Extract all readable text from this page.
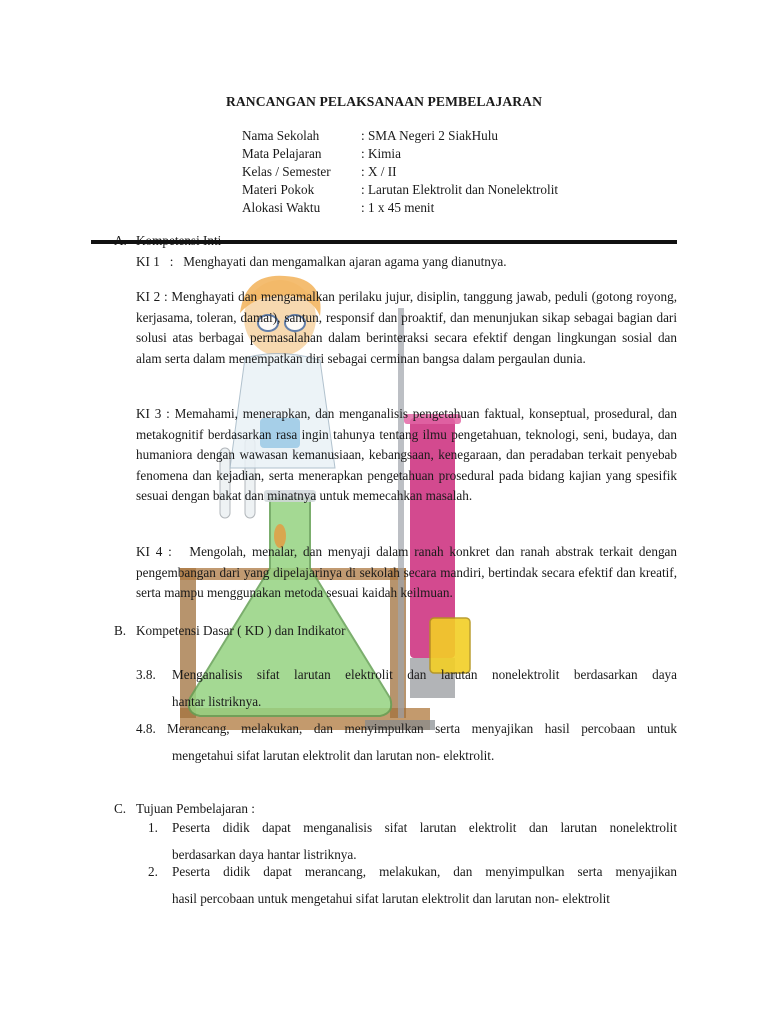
RANCANGAN PELAKSANAAN PEMBELAJARAN
Nama Sekolah	: SMA Negeri 2 SiakHulu
Mata Pelajaran	: Kimia
Kelas / Semester : X / II
Materi Pokok	: Larutan Elektrolit dan Nonelektrolit
Alokasi Waktu	: 1 x 45 menit
KI 1   :   Menghayati dan mengamalkan ajaran agama yang dianutnya.
KI 2 : Menghayati dan mengamalkan perilaku jujur, disiplin, tanggung jawab, peduli (gotong royong, kerjasama, toleran, damai), santun, responsif dan proaktif, dan menunjukan sikap sebagai bagian dari solusi atas berbagai permasalahan dalam berinteraksi secara efektif dengan lingkungan sosial dan alam serta dalam menempatkan diri sebagai cerminan bangsa dalam pergaulan dunia.
KI 3 : Memahami, menerapkan, dan menganalisis pengetahuan faktual, konseptual, prosedural, dan metakognitif berdasarkan rasa ingin tahunya tentang ilmu pengetahuan, teknologi, seni, budaya, dan humaniora dengan wawasan kemanusiaan, kebangsaan, kenegaraan, dan peradaban terkait penyebab fenomena dan kejadian, serta menerapkan pengetahuan prosedural pada bidang kajian yang spesifik sesuai dengan bakat dan minatnya untuk memecahkan masalah.
KI 4 :   Mengolah, menalar, dan menyaji dalam ranah konkret dan ranah abstrak terkait dengan pengembangan dari yang dipelajarinya di sekolah secara mandiri, bertindak secara efektif dan kreatif, serta mampu menggunakan metoda sesuai kaidah keilmuan.
B. Kompetensi Dasar ( KD ) dan Indikator
3.8. Menganalisis sifat larutan elektrolit dan larutan nonelektrolit berdasarkan daya
hantar listriknya.
4.8. Merancang, melakukan, dan menyimpulkan serta menyajikan hasil percobaan untuk
mengetahui sifat larutan elektrolit dan larutan non- elektrolit.
C. Tujuan Pembelajaran :
1. Peserta didik dapat menganalisis sifat larutan elektrolit dan larutan nonelektrolit
berdasarkan daya hantar listriknya.
2. Peserta didik dapat merancang, melakukan, dan menyimpulkan serta menyajikan
hasil percobaan untuk mengetahui sifat larutan elektrolit dan larutan non- elektrolit
